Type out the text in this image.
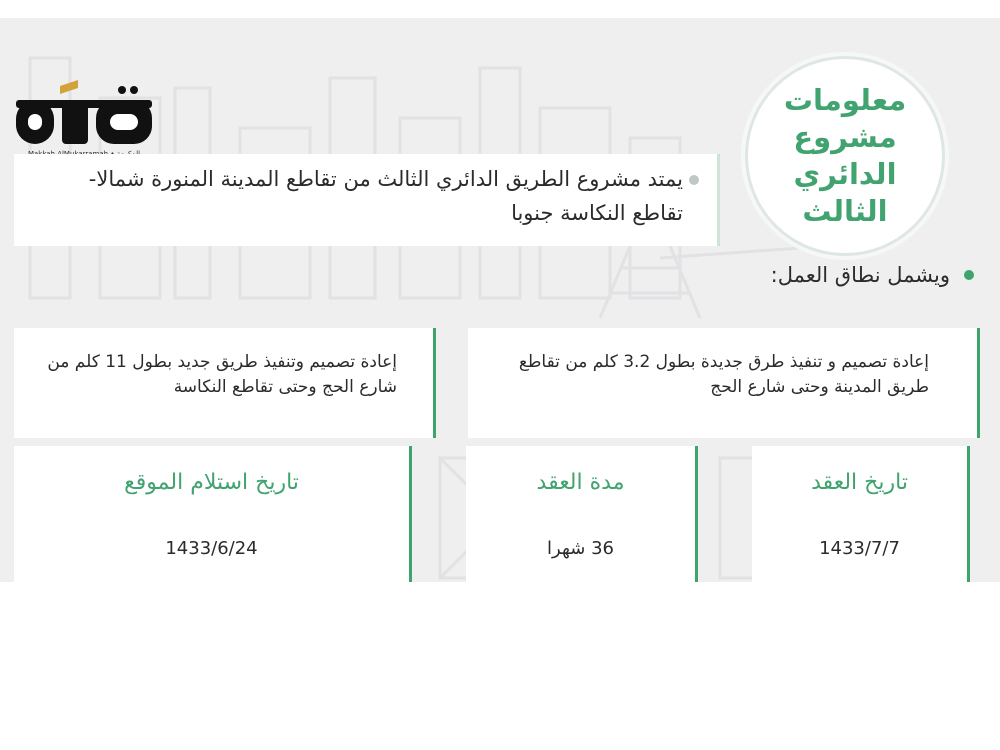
معلومات مشروع الدائري الثالث
يمتد مشروع الطريق الدائري الثالث من تقاطع المدينة المنورة شمالا- تقاطع النكاسة جنوبا
ويشمل نطاق العمل:
إعادة تصميم و تنفيذ طرق جديدة بطول 3.2 كلم من تقاطع طريق المدينة وحتى شارع الحج
إعادة تصميم وتنفيذ طريق جديد بطول 11 كلم من شارع الحج وحتى تقاطع النكاسة
تاريخ العقد
1433/7/7
مدة العقد
36 شهرا
تاريخ استلام الموقع
1433/6/24
